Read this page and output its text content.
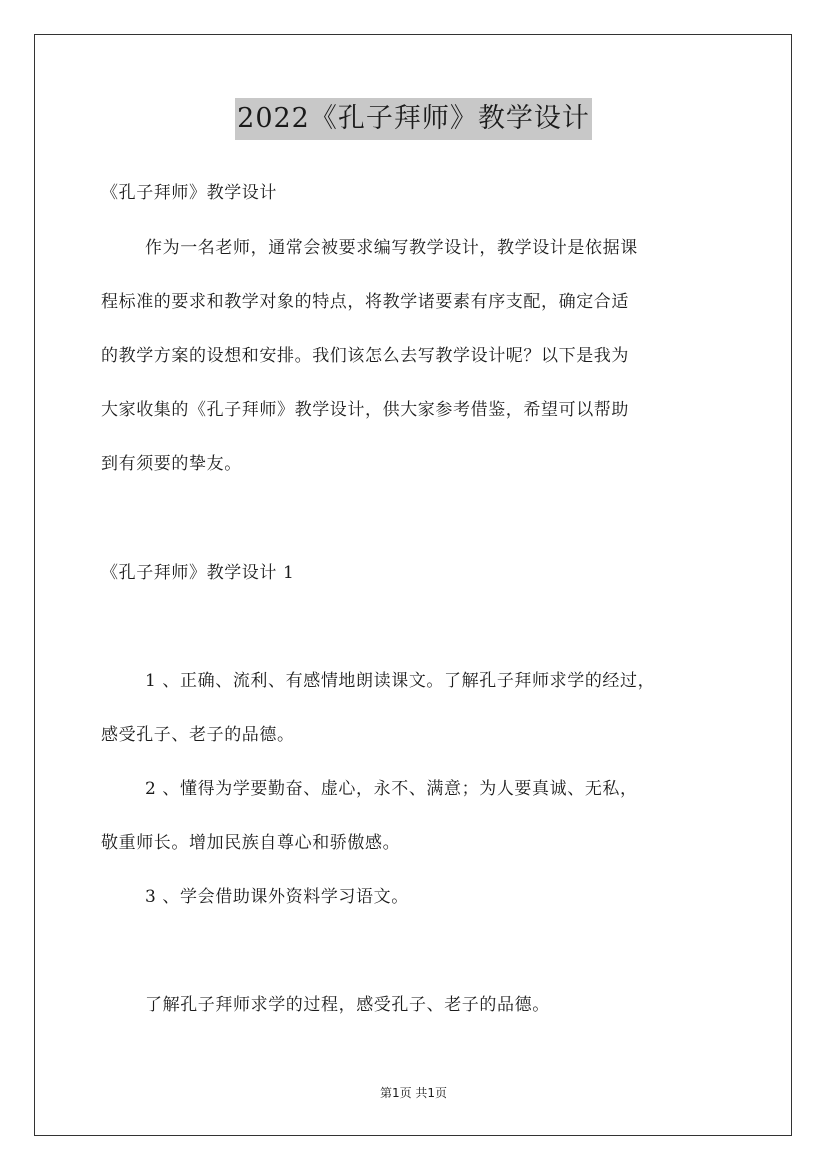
2022《孔子拜师》教学设计
《孔子拜师》教学设计
作为一名老师，通常会被要求编写教学设计，教学设计是依据课
程标准的要求和教学对象的特点，将教学诸要素有序支配，确定合适
的教学方案的设想和安排。我们该怎么去写教学设计呢？以下是我为
大家收集的《孔子拜师》教学设计，供大家参考借鉴，希望可以帮助
到有须要的挚友。
《孔子拜师》教学设计 1
1 、正确、流利、有感情地朗读课文。了解孔子拜师求学的经过，
感受孔子、老子的品德。
2 、懂得为学要勤奋、虚心，永不、满意；为人要真诚、无私，
敬重师长。增加民族自尊心和骄傲感。
3 、学会借助课外资料学习语文。
了解孔子拜师求学的过程，感受孔子、老子的品德。
第1页 共1页
